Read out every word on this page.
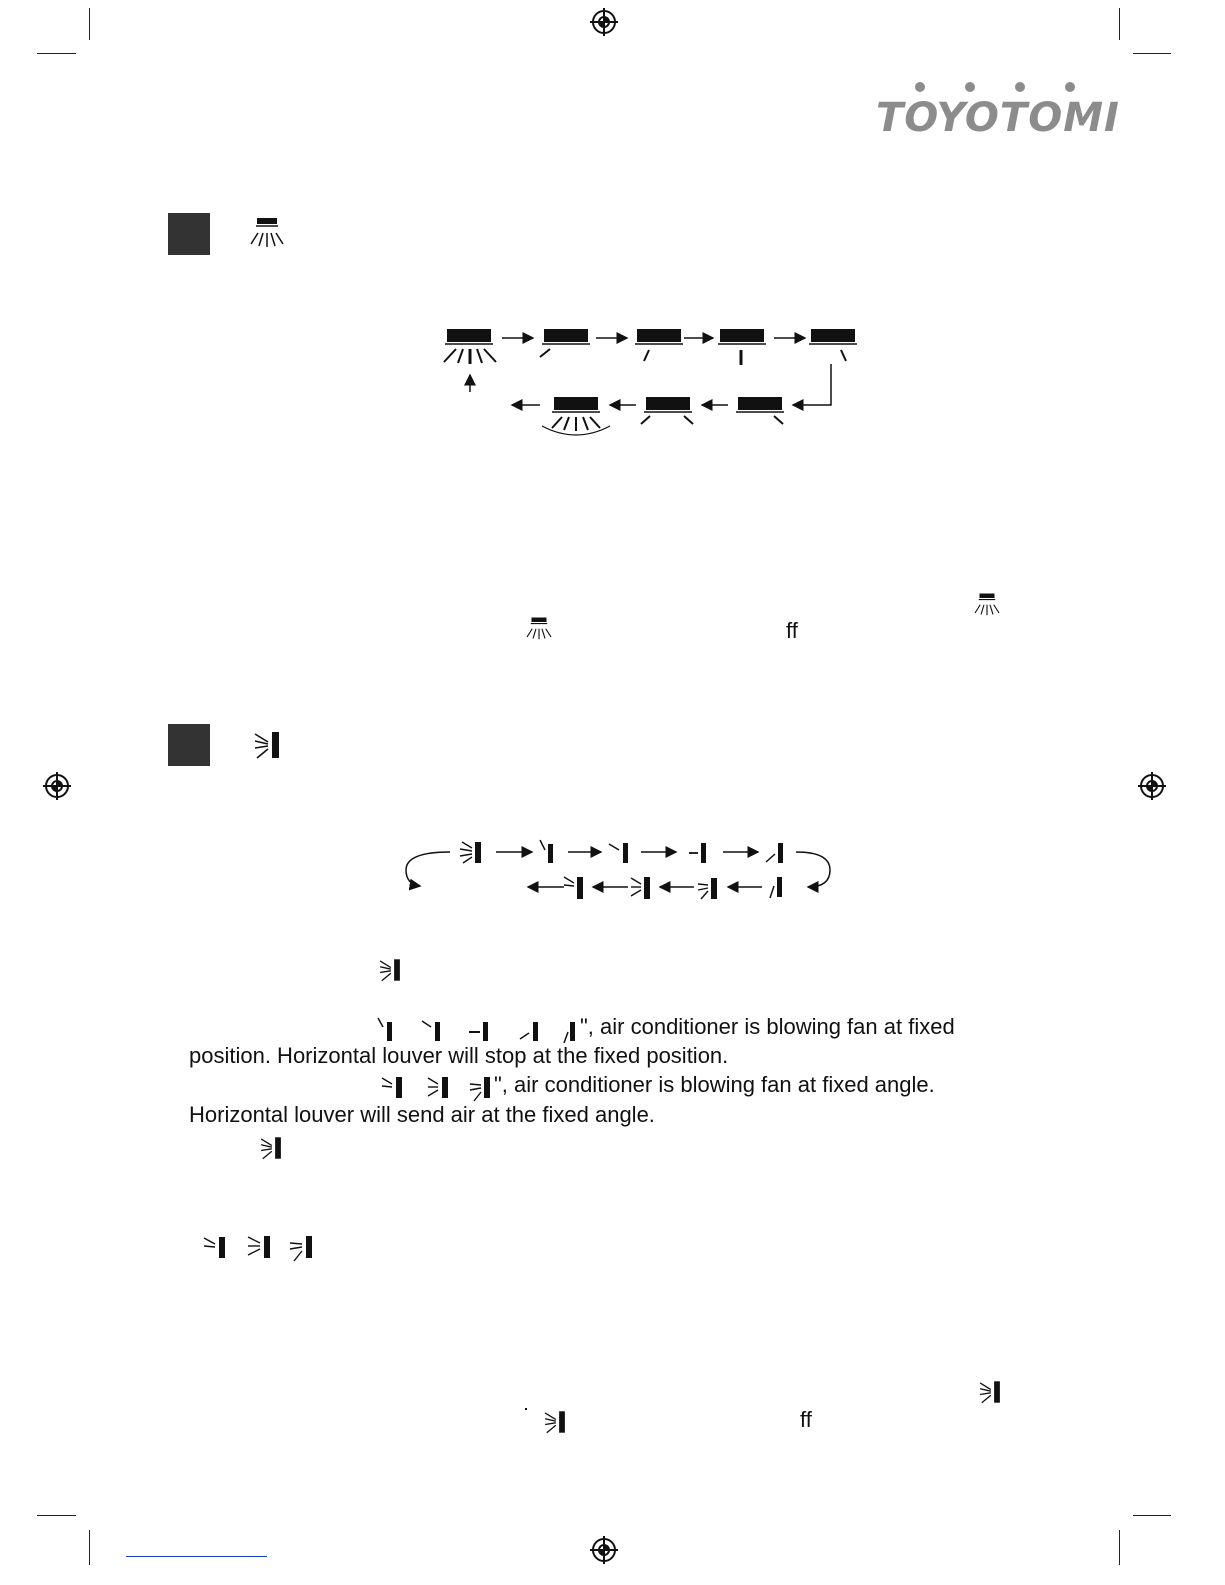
TOYOTOMI
ff
", air conditioner is blowing fan at fixed
position. Horizontal louver will stop at the fixed position.
", air conditioner is blowing fan at fixed angle.
Horizontal louver will send air at the fixed angle.
ff
